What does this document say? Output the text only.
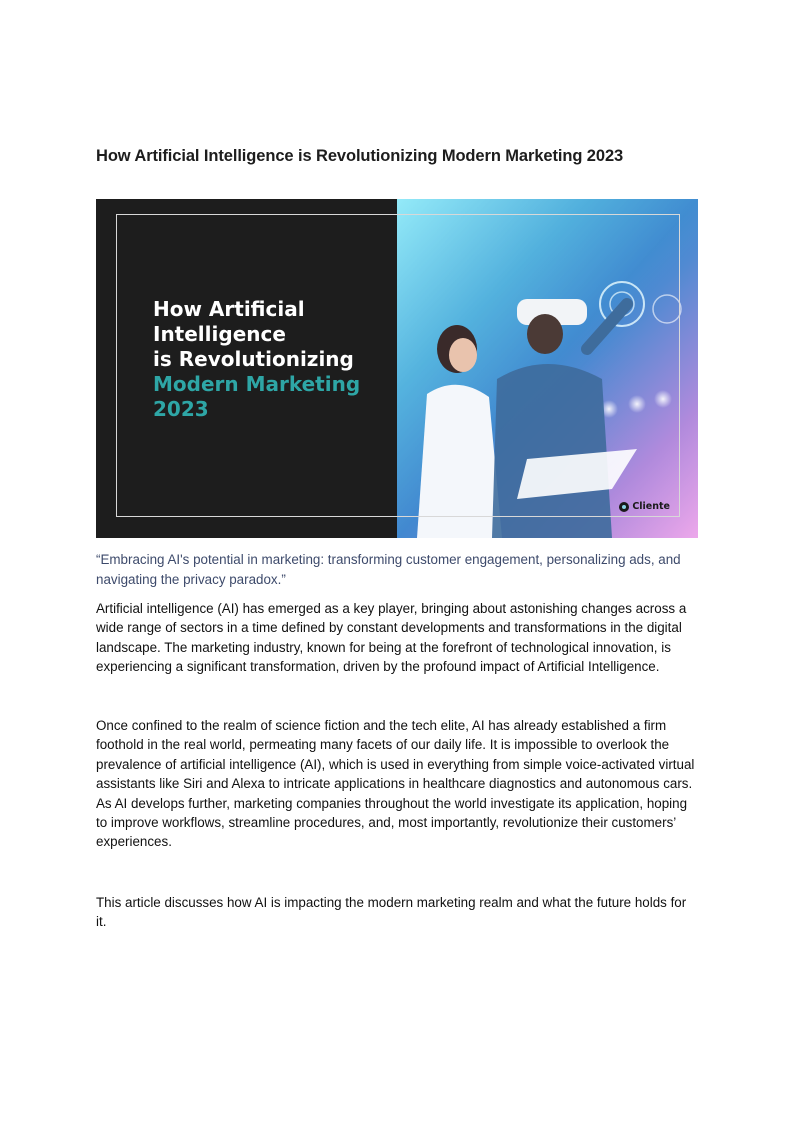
How Artificial Intelligence is Revolutionizing Modern Marketing 2023
Cliente

How Artificial
Intelligence
is Revolutionizing
Modern Marketing
2023

“Embracing AI's potential in marketing: transforming customer engagement, personalizing ads, and navigating the privacy paradox.”

Artificial intelligence (AI) has emerged as a key player, bringing about astonishing changes across a wide range of sectors in a time defined by constant developments and transformations in the digital landscape. The marketing industry, known for being at the forefront of technological innovation, is experiencing a significant transformation, driven by the profound impact of Artificial Intelligence.

Once confined to the realm of science fiction and the tech elite, AI has already established a firm foothold in the real world, permeating many facets of our daily life. It is impossible to overlook the prevalence of artificial intelligence (AI), which is used in everything from simple voice-activated virtual assistants like Siri and Alexa to intricate applications in healthcare diagnostics and autonomous cars. As AI develops further, marketing companies throughout the world investigate its application, hoping to improve workflows, streamline procedures, and, most importantly, revolutionize their customers’ experiences.

This article discusses how AI is impacting the modern marketing realm and what the future holds for it.
